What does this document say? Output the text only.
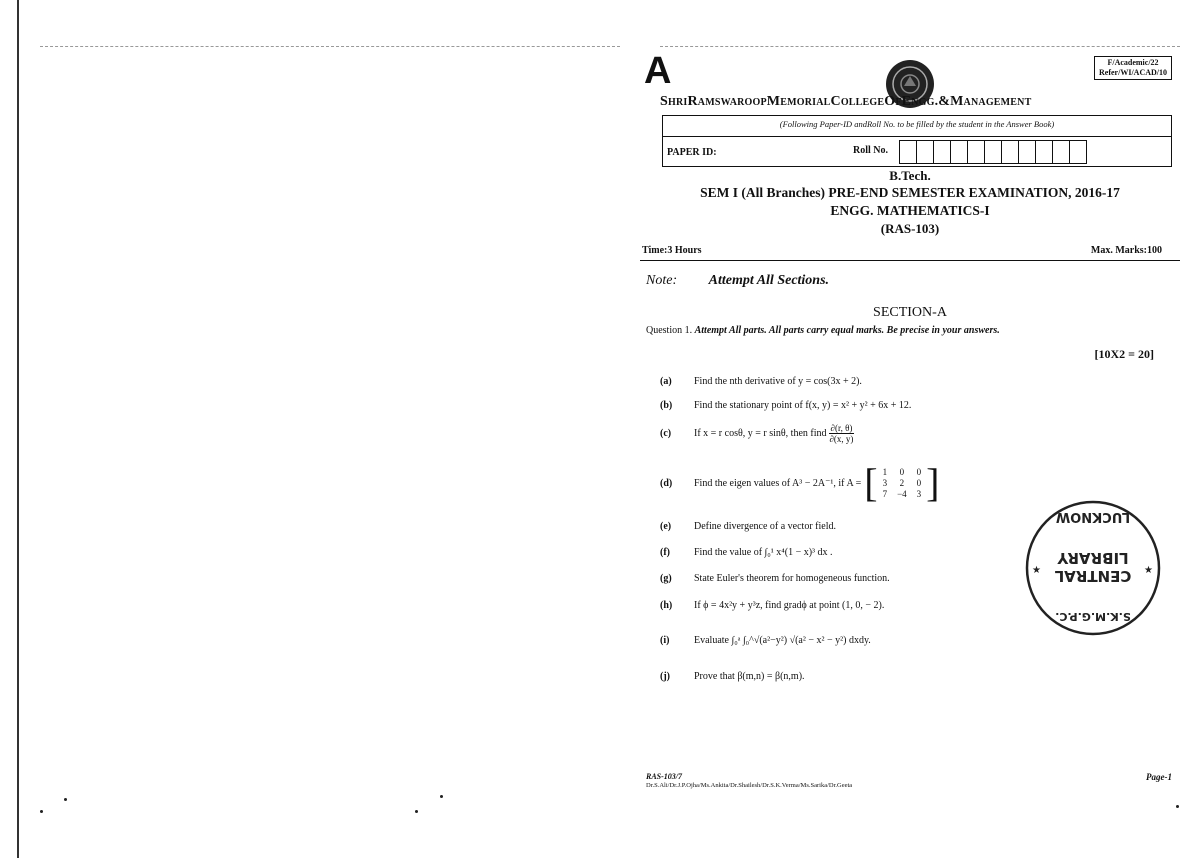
A	F/Academic/22
Refer/WI/ACAD/10
ShriRamswaroopMemorialCollegeOfEngg.&Management
(Following Paper-ID andRoll No. to be filled by the student in the Answer Book)
PAPER ID:	Roll No.
B.Tech.
SEM I (All Branches) PRE-END SEMESTER EXAMINATION, 2016-17
ENGG. MATHEMATICS-I
(RAS-103)
Time:3 Hours	Max. Marks:100
Note: Attempt All Sections.
SECTION-A
Question 1. Attempt All parts. All parts carry equal marks. Be precise in your answers.
[10X2 = 20]
(a)	Find the nth derivative of y = cos(3x + 2).
(b)	Find the stationary point of f(x, y) = x² + y² + 6x + 12.
(c)	If x = r cosθ, y = r sinθ, then find $\frac{\partial(r, \theta)}{\partial(x, y)}$
(d)	Find the eigen values of A³ − 2A⁻¹, if A = [ 1	0	0
3	2	0
7	−4	3 ]
(e)	Define divergence of a vector field.
(f)	Find the value of ∫₀¹ x⁴(1 − x)³ dx .
(g)	State Euler's theorem for homogeneous function.
(h)	If ϕ = 4x²y + y³z, find gradϕ at point (1, 0, − 2).
(i)	Evaluate ∫₀ᵃ ∫₀^√(a²−y²) √(a² − x² − y²) dxdy.
(j)	Prove that β(m,n) = β(n,m).
RAS-103/7
Dr.S.Ali/Dr.J.P.Ojha/Ms.Ankita/Dr.Shailesh/Dr.S.K.Verma/Ms.Sarika/Dr.Geeta
Page-1
CENTRAL
LIBRARY
LUCKNOW
S.K.M.G.P.C.
★	★
